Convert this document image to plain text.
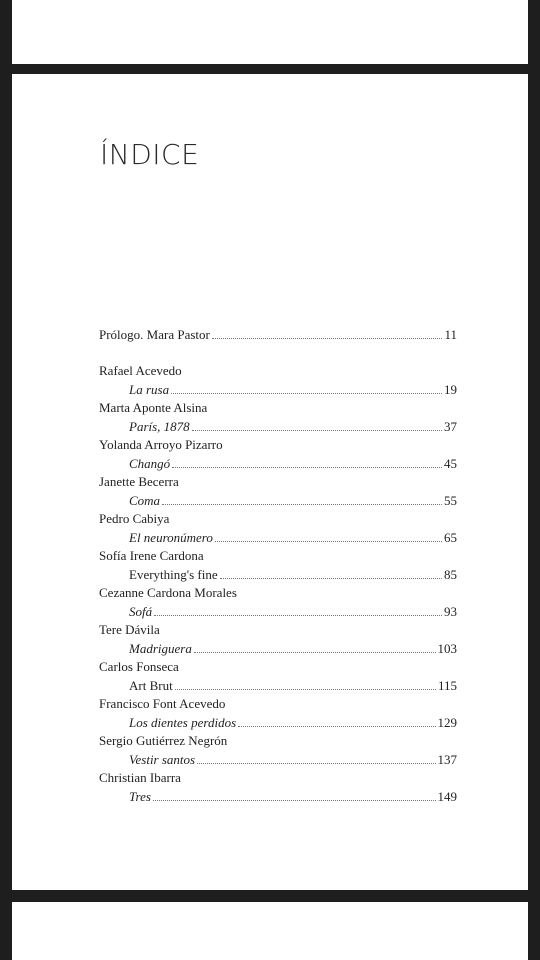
ÍNDICE
Prólogo. Mara Pastor	11
Rafael Acevedo
La rusa	19
Marta Aponte Alsina
París, 1878	37
Yolanda Arroyo Pizarro
Changó	45
Janette Becerra
Coma	55
Pedro Cabiya
El neuronúmero	65
Sofía Irene Cardona
Everything's fine	85
Cezanne Cardona Morales
Sofá	93
Tere Dávila
Madriguera	103
Carlos Fonseca
Art Brut	115
Francisco Font Acevedo
Los dientes perdidos	129
Sergio Gutiérrez Negrón
Vestir santos	137
Christian Ibarra
Tres	149
